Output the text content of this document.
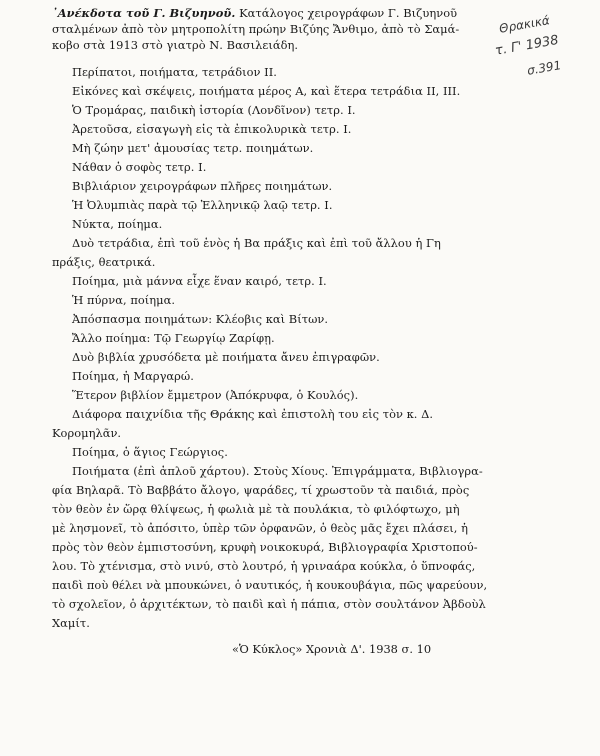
Θρακικά
τ. Γ' 1938
σ.391
᾿Ανέκδοτα τοῦ Γ. Βιζυηνοῦ. Κατάλογος χειρογράφων Γ. Βιζυηνοῦ
σταλμένων ἀπὸ τὸν μητροπολίτη πρώην Βιζύης Ἄνθιμο, ἀπὸ τὸ Σαμά-
κοβο στὰ 1913 στὸ γιατρὸ Ν. Βασιλειάδη.
Περίπατοι, ποιήματα, τετράδιον ΙΙ.
Εἰκόνες καὶ σκέψεις, ποιήματα μέρος Α, καὶ ἕτερα τετράδια ΙΙ, ΙΙΙ.
Ὁ Τρομάρας, παιδικὴ ἱστορία (Λονδῖνον) τετρ. Ι.
Ἀρετοῦσα, εἰσαγωγὴ εἰς τὰ ἐπικολυρικὰ τετρ. Ι.
Μὴ ζώην μετ' ἀμουσίας τετρ. ποιημάτων.
Νάθαν ὁ σοφὸς τετρ. Ι.
Βιβλιάριον χειρογράφων πλῆρες ποιημάτων.
Ἡ Ὀλυμπιὰς παρὰ τῷ Ἑλληνικῷ λαῷ τετρ. Ι.
Νύκτα, ποίημα.
Δυὸ τετράδια, ἐπὶ τοῦ ἑνὸς ἡ Βα πράξις καὶ ἐπὶ τοῦ ἄλλου ἡ Γη
πράξις, θεατρικά.
Ποίημα, μιὰ μάννα εἶχε ἕναν καιρό, τετρ. Ι.
Ἡ πύρνα, ποίημα.
Ἀπόσπασμα ποιημάτων: Κλέοβις καὶ Βίτων.
Ἄλλο ποίημα: Τῷ Γεωργίῳ Ζαρίφῃ.
Δυὸ βιβλία χρυσόδετα μὲ ποιήματα ἄνευ ἐπιγραφῶν.
Ποίημα, ἡ Μαργαρώ.
Ἕτερον βιβλίον ἔμμετρον (Ἀπόκρυφα, ὁ Κουλός).
Διάφορα παιχνίδια τῆς Θράκης καὶ ἐπιστολὴ του εἰς τὸν κ. Δ.
Κορομηλᾶν.
Ποίημα, ὁ ἅγιος Γεώργιος.
Ποιήματα (ἐπὶ ἁπλοῦ χάρτου). Στοὺς Χίους. Ἐπιγράμματα, Βιβλιογρα-
φία Βηλαρᾶ. Τὸ Βαββάτο ἄλογο, ψαράδες, τί χρωστοῦν τὰ παιδιά, πρὸς
τὸν θεὸν ἐν ὥρᾳ θλίψεως, ἡ φωλιὰ μὲ τὰ πουλάκια, τὸ φιλόφτωχο, μὴ
μὲ λησμονεῖ, τὸ ἀπόσιτο, ὑπὲρ τῶν ὀρφανῶν, ὁ θεὸς μᾶς ἔχει πλάσει, ἡ
πρὸς τὸν θεὸν ἐμπιστοσύνη, κρυφὴ νοικοκυρά, Βιβλιογραφία Χριστοπού-
λου. Τὸ χτένισμα, στὸ νινύ, στὸ λουτρό, ἡ γριναάρα κούκλα, ὁ ὕπνοφάς,
παιδὶ ποὺ θέλει νὰ μπουκώνει, ὁ ναυτικός, ἡ κουκουβάγια, πῶς ψαρεύουν,
τὸ σχολεῖον, ὁ ἀρχιτέκτων, τὸ παιδὶ καὶ ἡ πάπια, στὸν σουλτάνον Ἀβδοὺλ
Χαμίτ.
«Ὁ Κύκλος» Χρονιὰ Δ'. 1938 σ. 10
